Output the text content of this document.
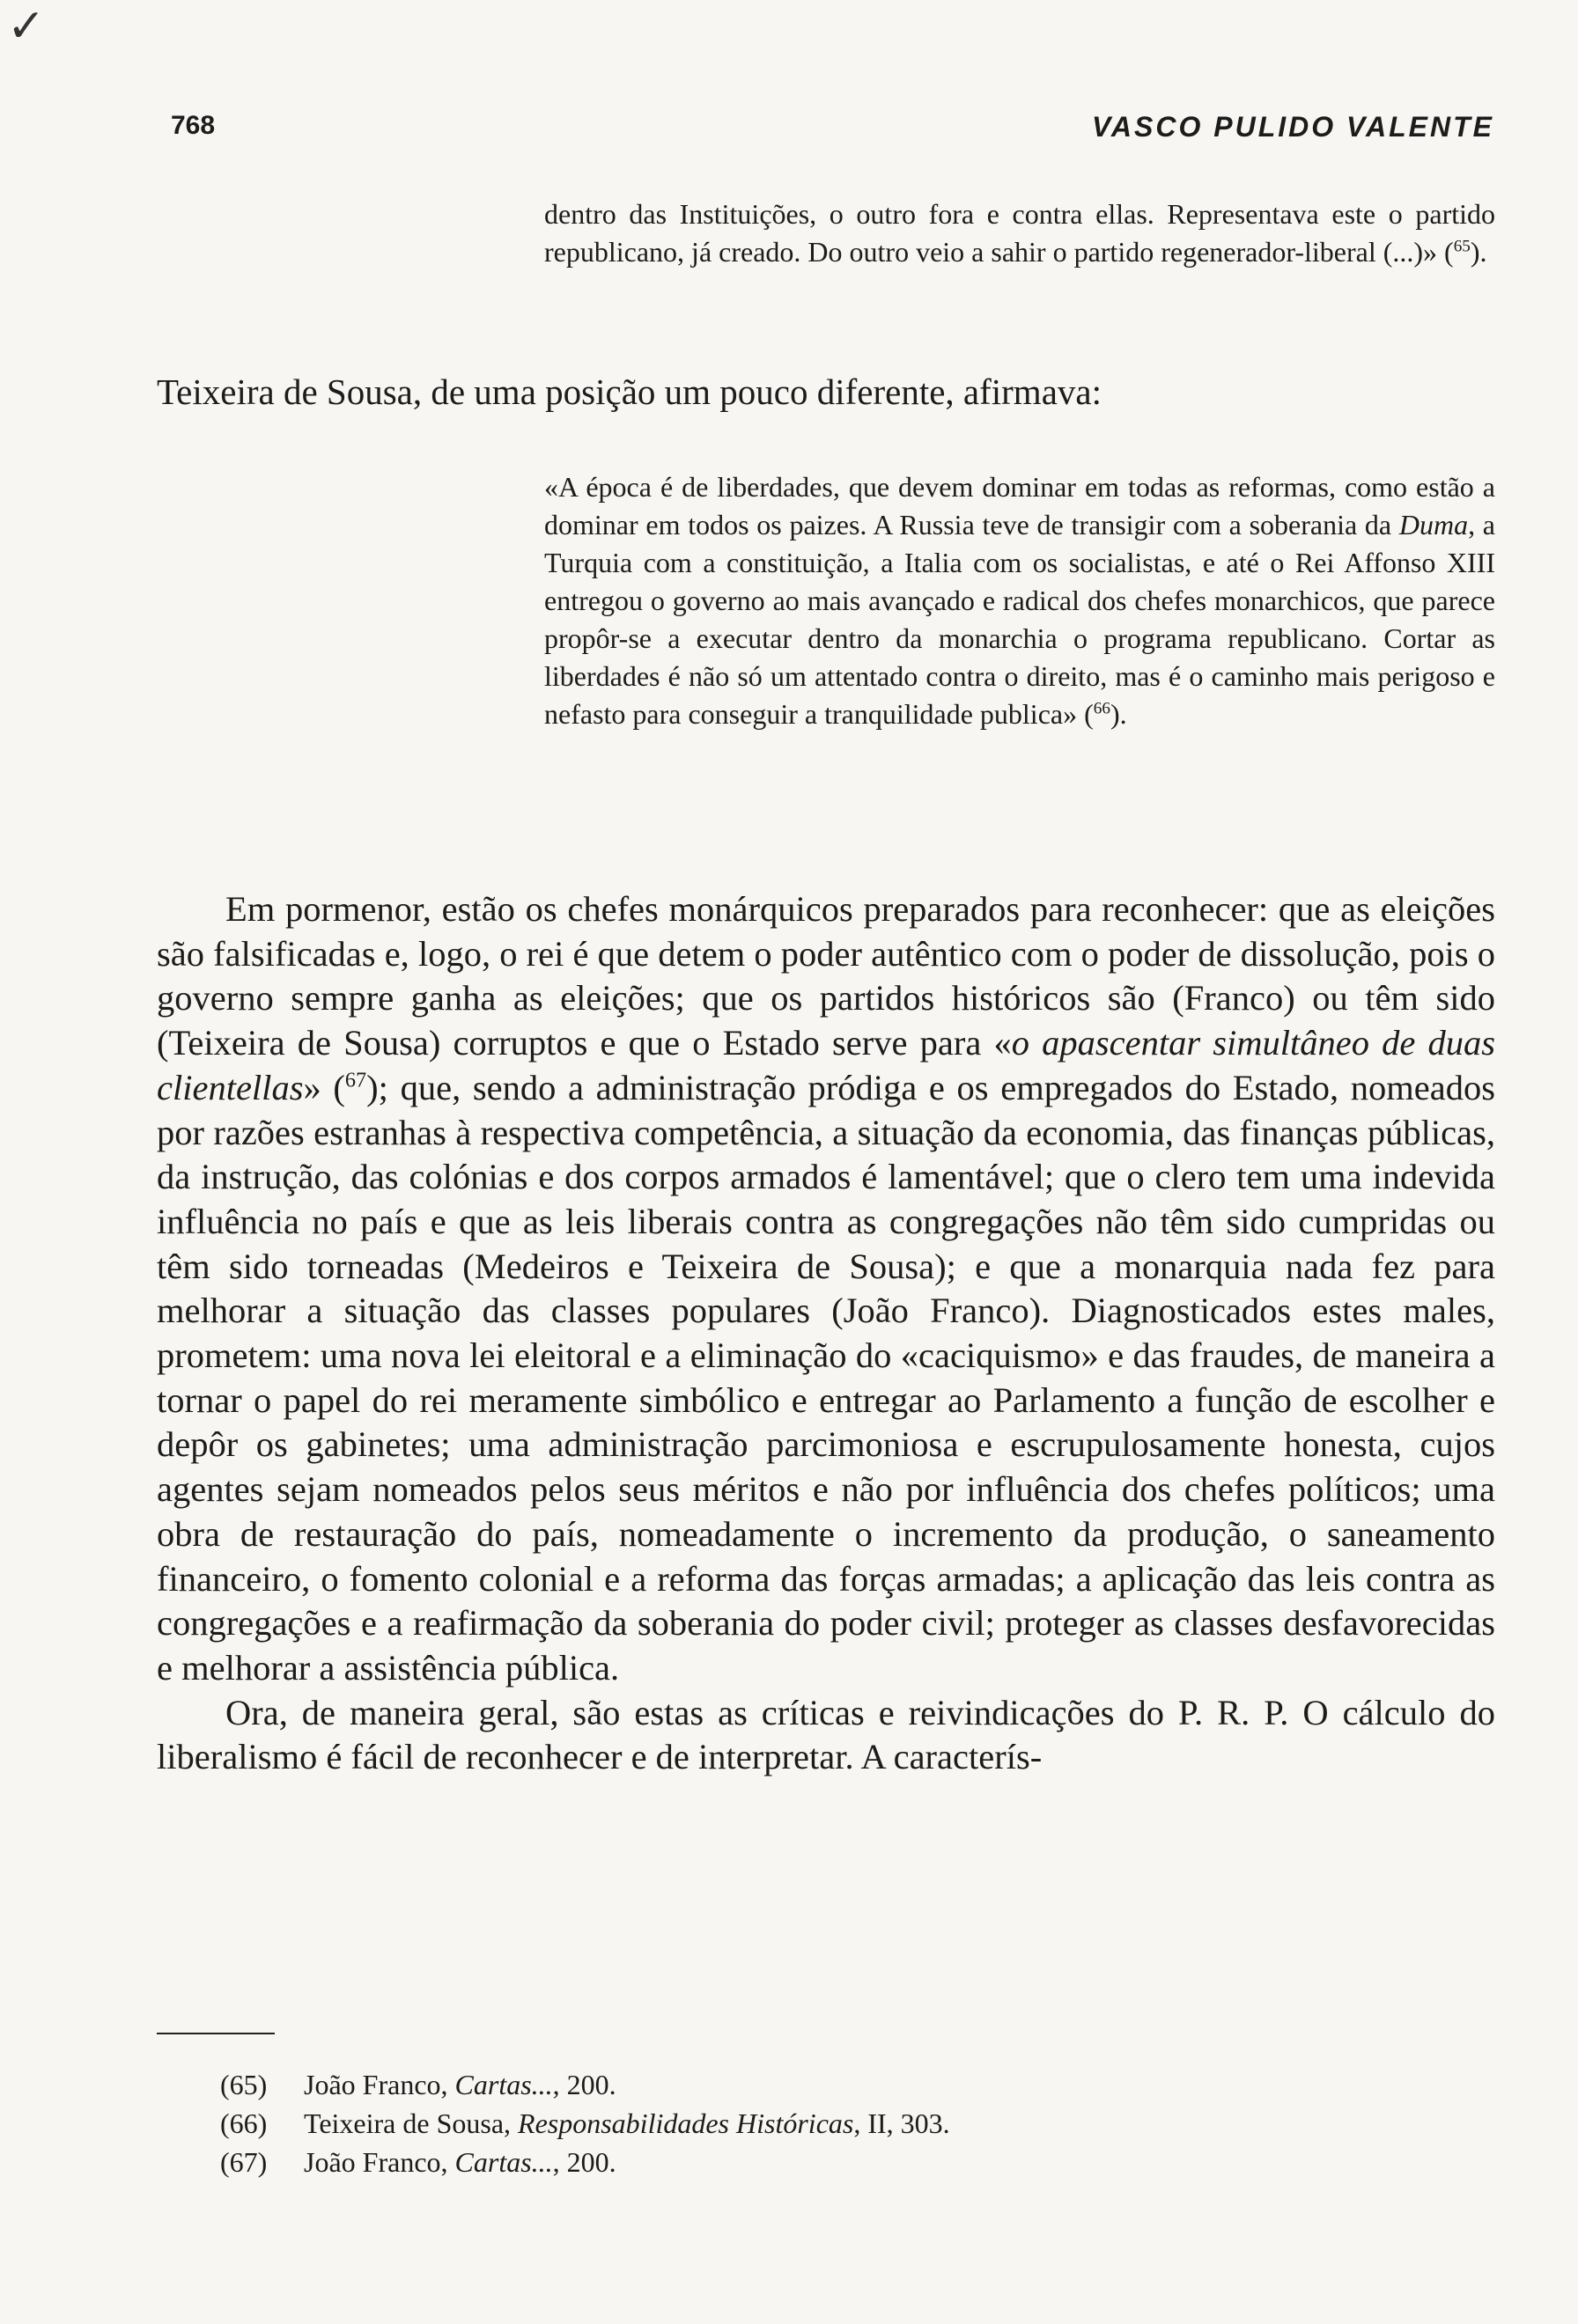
✓
768	VASCO PULIDO VALENTE
dentro das Instituições, o outro fora e contra ellas. Representava este o partido republicano, já creado. Do outro veio a sahir o partido regenerador-liberal (...)» ($^{65}$).
Teixeira de Sousa, de uma posição um pouco diferente, afirmava:
«A época é de liberdades, que devem dominar em todas as reformas, como estão a dominar em todos os paizes. A Russia teve de transigir com a soberania da Duma, a Turquia com a constituição, a Italia com os socialistas, e até o Rei Affonso XIII entregou o governo ao mais avançado e radical dos chefes monarchicos, que parece propôr-se a executar dentro da monarchia o programa republicano. Cortar as liberdades é não só um attentado contra o direito, mas é o caminho mais perigoso e nefasto para conseguir a tranquilidade publica» ($^{66}$).

Em pormenor, estão os chefes monárquicos preparados para reconhecer: que as eleições são falsificadas e, logo, o rei é que detem o poder autêntico com o poder de dissolução, pois o governo sempre ganha as eleições; que os partidos históricos são (Franco) ou têm sido (Teixeira de Sousa) corruptos e que o Estado serve para «o apascentar simultâneo de duas clientellas» ($^{67}$); que, sendo a administração pródiga e os empregados do Estado, nomeados por razões estranhas à respectiva competência, a situação da economia, das finanças públicas, da instrução, das colónias e dos corpos armados é lamentável; que o clero tem uma indevida influência no país e que as leis liberais contra as congregações não têm sido cumpridas ou têm sido torneadas (Medeiros e Teixeira de Sousa); e que a monarquia nada fez para melhorar a situação das classes populares (João Franco). Diagnosticados estes males, prometem: uma nova lei eleitoral e a eliminação do «caciquismo» e das fraudes, de maneira a tornar o papel do rei meramente simbólico e entregar ao Parlamento a função de escolher e depôr os gabinetes; uma administração parcimoniosa e escrupulosamente honesta, cujos agentes sejam nomeados pelos seus méritos e não por influência dos chefes políticos; uma obra de restauração do país, nomeadamente o incremento da produção, o saneamento financeiro, o fomento colonial e a reforma das forças armadas; a aplicação das leis contra as congregações e a reafirmação da soberania do poder civil; proteger as classes desfavorecidas e melhorar a assistência pública.

Ora, de maneira geral, são estas as críticas e reivindicações do P. R. P. O cálculo do liberalismo é fácil de reconhecer e de interpretar. A caracterís-

(65) João Franco, Cartas..., 200.

(66) Teixeira de Sousa, Responsabilidades Históricas, II, 303.

(67) João Franco, Cartas..., 200.
